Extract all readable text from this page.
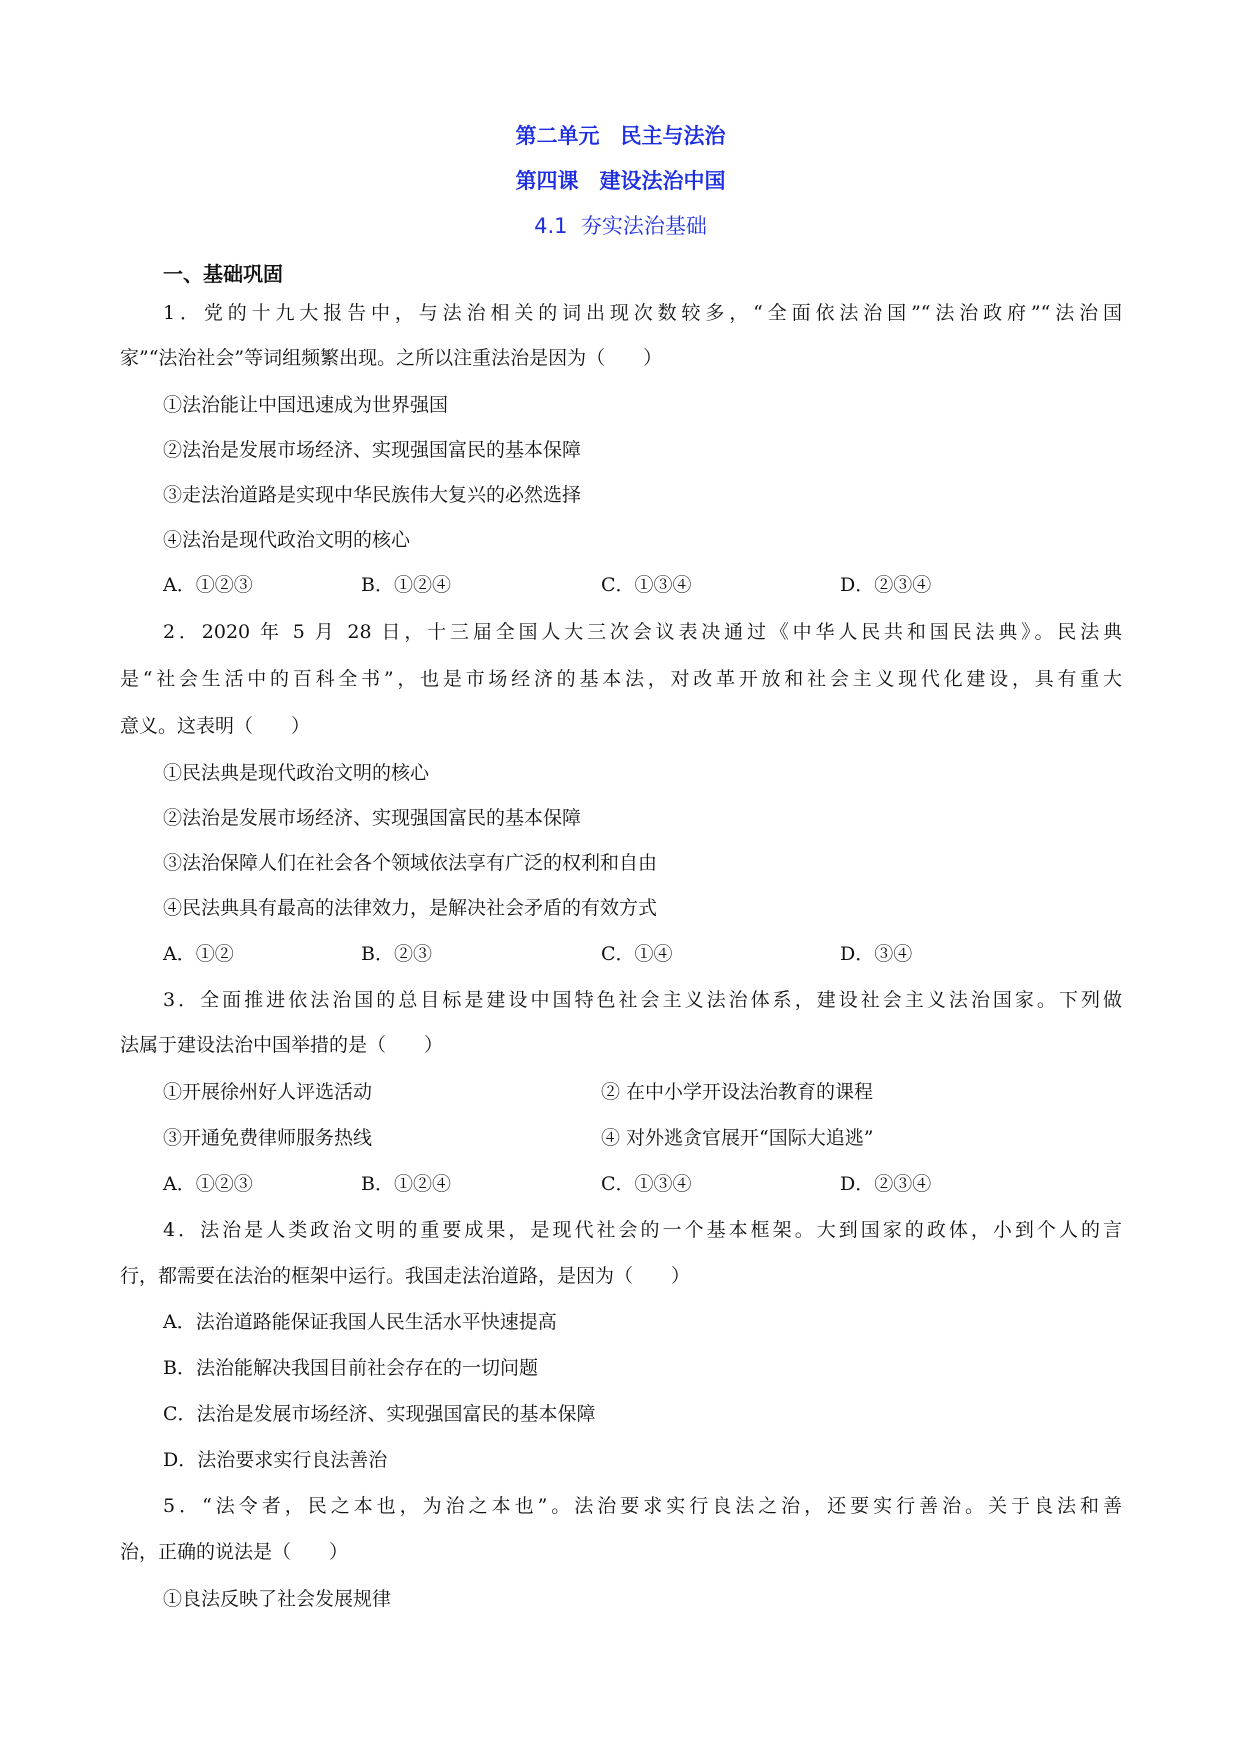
第二单元　民主与法治
第四课　建设法治中国
4.1  夯实法治基础
一、基础巩固
1．党的十九大报告中，与法治相关的词出现次数较多，“全面依法治国”“法治政府”“法治国
家”“法治社会”等词组频繁出现。之所以注重法治是因为（　　）
①法治能让中国迅速成为世界强国
②法治是发展市场经济、实现强国富民的基本保障
③走法治道路是实现中华民族伟大复兴的必然选择
④法治是现代政治文明的核心
A．①②③	B．①②④	C．①③④	D．②③④
2．2020 年 5 月 28 日，十三届全国人大三次会议表决通过《中华人民共和国民法典》。民法典
是“社会生活中的百科全书”，也是市场经济的基本法，对改革开放和社会主义现代化建设，具有重大
意义。这表明（　　）
①民法典是现代政治文明的核心
②法治是发展市场经济、实现强国富民的基本保障
③法治保障人们在社会各个领域依法享有广泛的权利和自由
④民法典具有最高的法律效力，是解决社会矛盾的有效方式
A．①②	B．②③	C．①④	D．③④
3．全面推进依法治国的总目标是建设中国特色社会主义法治体系，建设社会主义法治国家。下列做
法属于建设法治中国举措的是（　　）
①开展徐州好人评选活动	② 在中小学开设法治教育的课程
③开通免费律师服务热线	④ 对外逃贪官展开“国际大追逃”
A．①②③	B．①②④	C．①③④	D．②③④
4．法治是人类政治文明的重要成果，是现代社会的一个基本框架。大到国家的政体，小到个人的言
行，都需要在法治的框架中运行。我国走法治道路，是因为（　　）
A．法治道路能保证我国人民生活水平快速提高
B．法治能解决我国目前社会存在的一切问题
C．法治是发展市场经济、实现强国富民的基本保障
D．法治要求实行良法善治
5．“法令者，民之本也，为治之本也”。法治要求实行良法之治，还要实行善治。关于良法和善
治，正确的说法是（　　）
①良法反映了社会发展规律
